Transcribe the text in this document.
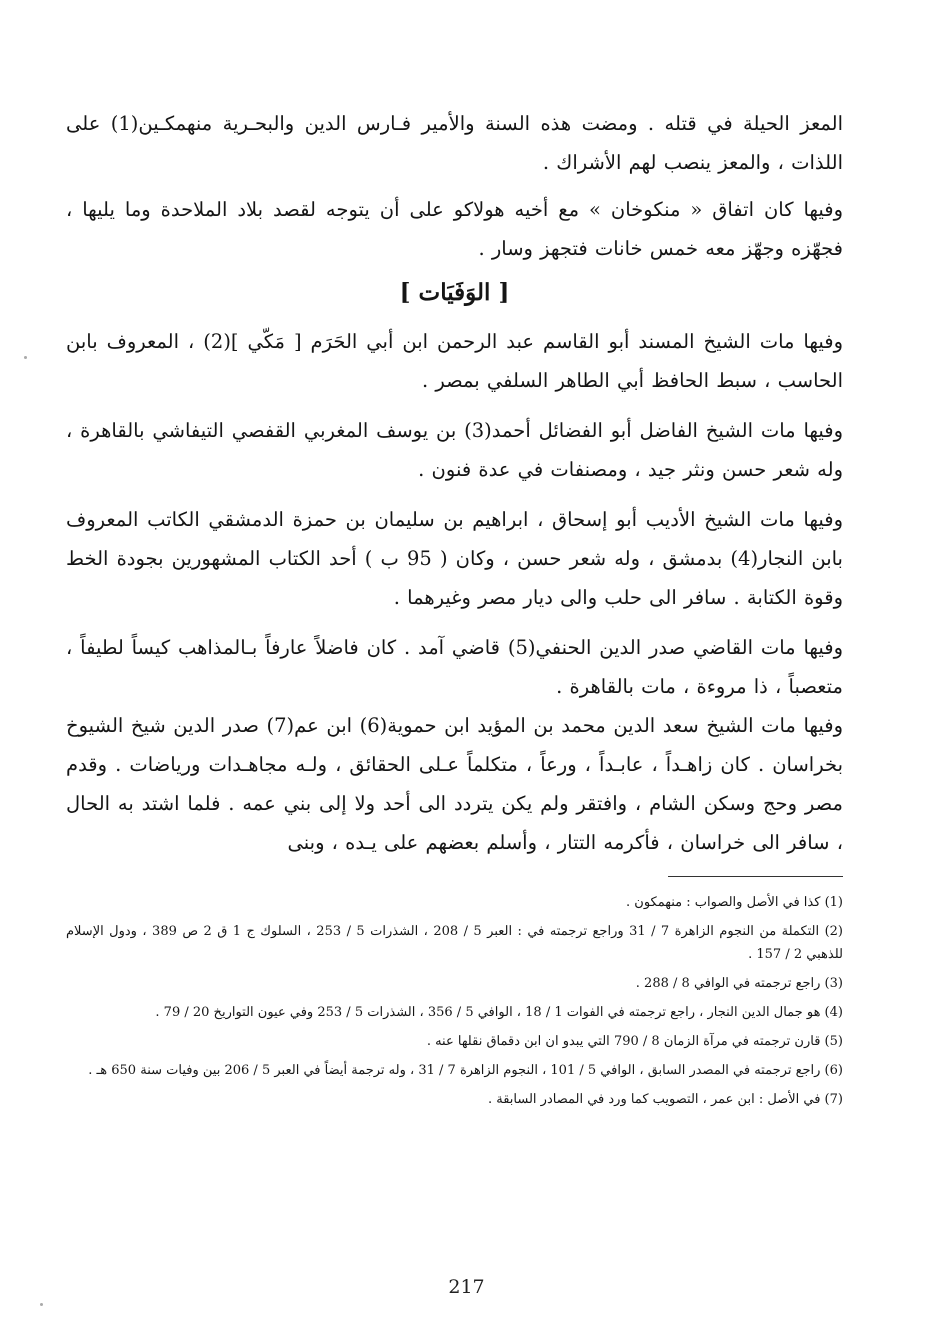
المعز الحيلة في قتله . ومضت هذه السنة والأمير فـارس الدين والبحـرية منهمكـين(1) على اللذات ، والمعز ينصب لهم الأشراك .

وفيها كان اتفاق « منكوخان » مع أخيه هولاكو على أن يتوجه لقصد بلاد الملاحدة وما يليها ، فجهّزه وجهّز معه خمس خانات فتجهز وسار .

[ الوَفَيَات ]

وفيها مات الشيخ المسند أبو القاسم عبد الرحمن ابن أبي الحَرَم [ مَكّي ](2) ، المعروف بابن الحاسب ، سبط الحافظ أبي الطاهر السلفي بمصر .

وفيها مات الشيخ الفاضل أبو الفضائل أحمد(3) بن يوسف المغربي القفصي التيفاشي بالقاهرة ، وله شعر حسن ونثر جيد ، ومصنفات في عدة فنون .

وفيها مات الشيخ الأديب أبو إسحاق ، ابراهيم بن سليمان بن حمزة الدمشقي الكاتب المعروف بابن النجار(4) بدمشق ، وله شعر حسن ، وكان ( 95 ب ) أحد الكتاب المشهورين بجودة الخط وقوة الكتابة . سافر الى حلب والى ديار مصر وغيرهما .

وفيها مات القاضي صدر الدين الحنفي(5) قاضي آمد . كان فاضلاً عارفاً بـالمذاهب كيساً لطيفاً ، متعصباً ، ذا مروءة ، مات بالقاهرة .

وفيها مات الشيخ سعد الدين محمد بن المؤيد ابن حموية(6) ابن عم(7) صدر الدين شيخ الشيوخ بخراسان . كان زاهـداً ، عابـداً ، ورعاً ، متكلماً عـلى الحقائق ، ولـه مجاهـدات ورياضات . وقدم مصر وحج وسكن الشام ، وافتقر ولم يكن يتردد الى أحد ولا إلى بني عمه . فلما اشتد به الحال ، سافر الى خراسان ، فأكرمه التتار ، وأسلم بعضهم على يـده ، وبنى

(1) كذا في الأصل والصواب : منهمكون .

(2) التكملة من النجوم الزاهرة 7 / 31 وراجع ترجمته في : العبر 5 / 208 ، الشذرات 5 / 253 ، السلوك ج 1 ق 2 ص 389 ، ودول الإسلام للذهبي 2 / 157 .

(3) راجع ترجمته في الوافي 8 / 288 .

(4) هو جمال الدين النجار ، راجع ترجمته في الفوات 1 / 18 ، الوافي 5 / 356 ، الشذرات 5 / 253 وفي عيون التواريخ 20 / 79 .

(5) قارن ترجمته في مرآة الزمان 8 / 790 التي يبدو ان ابن دقماق نقلها عنه .

(6) راجع ترجمته في المصدر السابق ، الوافي 5 / 101 ، النجوم الزاهرة 7 / 31 ، وله ترجمة أيضاً في العبر 5 / 206 بين وفيات سنة 650 هـ .

(7) في الأصل : ابن عمر ، التصويب كما ورد في المصادر السابقة .

217
